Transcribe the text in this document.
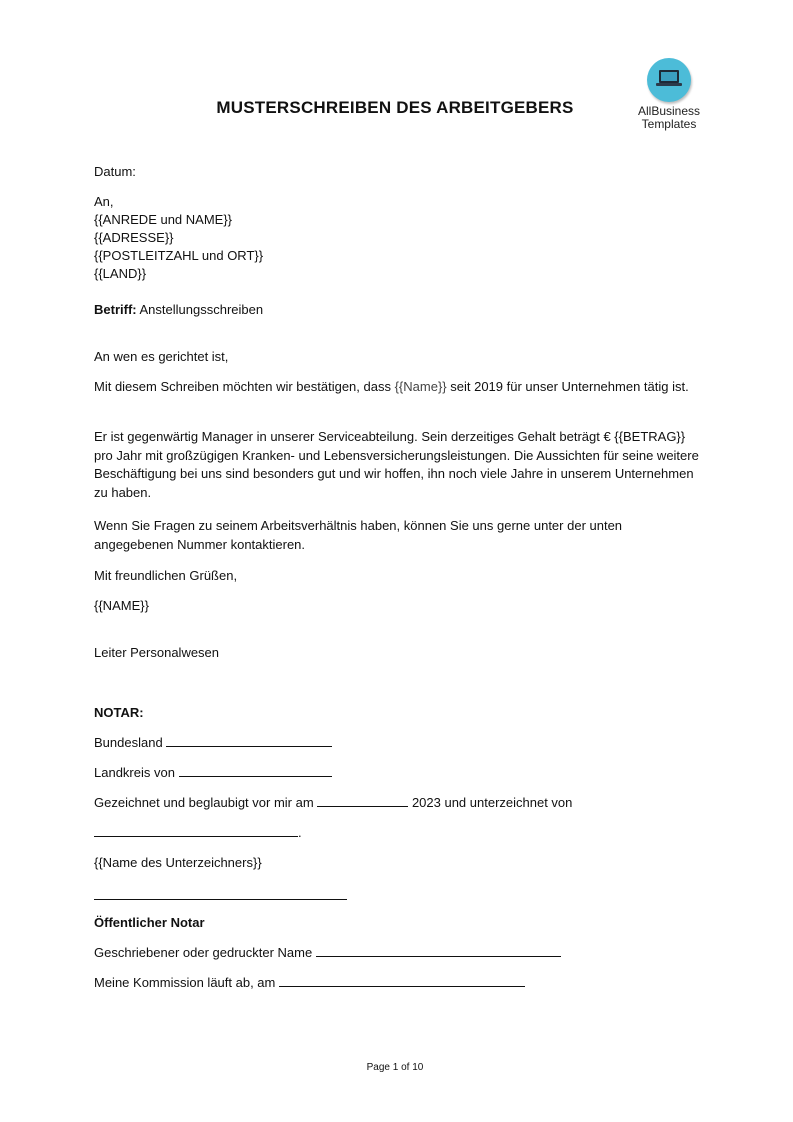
AllBusiness
Templates
MUSTERSCHREIBEN DES ARBEITGEBERS
Datum:
An,
{{ANREDE und NAME}}
{{ADRESSE}}
{{POSTLEITZAHL und ORT}}
{{LAND}}
Betriff: Anstellungsschreiben
An wen es gerichtet ist,
Mit diesem Schreiben möchten wir bestätigen, dass {{Name}} seit 2019 für unser Unternehmen tätig ist.
Er ist gegenwärtig Manager in unserer Serviceabteilung. Sein derzeitiges Gehalt beträgt € {{BETRAG}} pro Jahr mit großzügigen Kranken- und Lebensversicherungsleistungen. Die Aussichten für seine weitere Beschäftigung bei uns sind besonders gut und wir hoffen, ihn noch viele Jahre in unserem Unternehmen zu haben.
Wenn Sie Fragen zu seinem Arbeitsverhältnis haben, können Sie uns gerne unter der unten angegebenen Nummer kontaktieren.
Mit freundlichen Grüßen,
{{NAME}}
Leiter Personalwesen
NOTAR:
Bundesland
Landkreis von
Gezeichnet und beglaubigt vor mir am	2023 und unterzeichnet von
.
{{Name des Unterzeichners}}
Öffentlicher Notar
Geschriebener oder gedruckter Name
Meine Kommission läuft ab, am
Page 1 of 10
